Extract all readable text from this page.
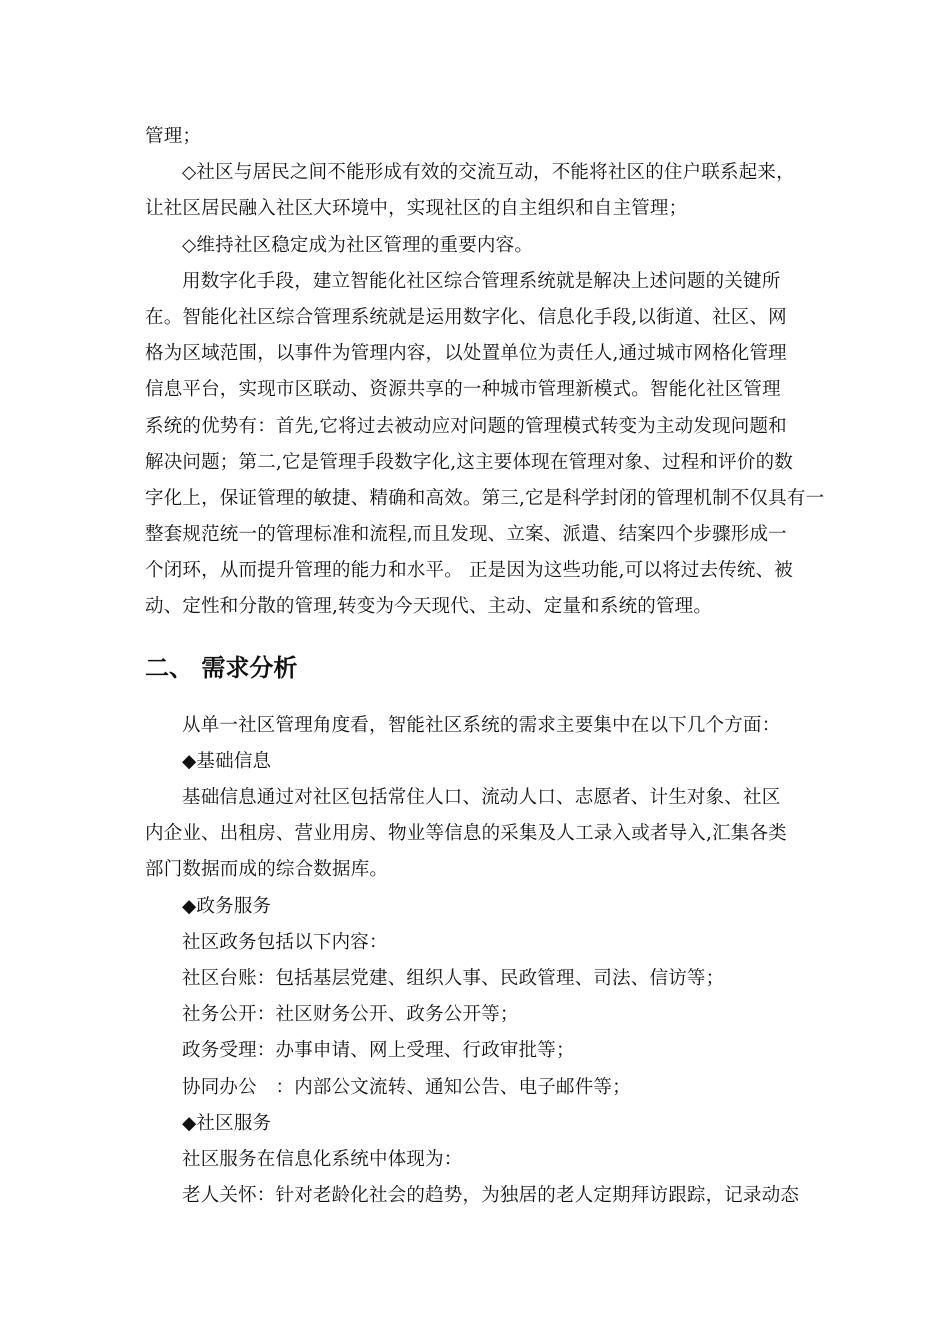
管理；
◇社区与居民之间不能形成有效的交流互动，不能将社区的住户联系起来，
让社区居民融入社区大环境中，实现社区的自主组织和自主管理；
◇维持社区稳定成为社区管理的重要内容。
用数字化手段，建立智能化社区综合管理系统就是解决上述问题的关键所
在。智能化社区综合管理系统就是运用数字化、信息化手段,以街道、社区、网
格为区域范围，以事件为管理内容，以处置单位为责任人,通过城市网格化管理
信息平台，实现市区联动、资源共享的一种城市管理新模式。智能化社区管理
系统的优势有：首先,它将过去被动应对问题的管理模式转变为主动发现问题和
解决问题；第二,它是管理手段数字化,这主要体现在管理对象、过程和评价的数
字化上，保证管理的敏捷、精确和高效。第三,它是科学封闭的管理机制不仅具有一
整套规范统一的管理标准和流程,而且发现、立案、派遣、结案四个步骤形成一
个闭环，从而提升管理的能力和水平。 正是因为这些功能,可以将过去传统、被
动、定性和分散的管理,转变为今天现代、主动、定量和系统的管理。
二、 需求分析
从单一社区管理角度看，智能社区系统的需求主要集中在以下几个方面：
◆基础信息
基础信息通过对社区包括常住人口、流动人口、志愿者、计生对象、社区
内企业、出租房、营业用房、物业等信息的采集及人工录入或者导入,汇集各类
部门数据而成的综合数据库。
◆政务服务
社区政务包括以下内容：
社区台账：包括基层党建、组织人事、民政管理、司法、信访等；
社务公开：社区财务公开、政务公开等；
政务受理：办事申请、网上受理、行政审批等；
协同办公　：内部公文流转、通知公告、电子邮件等；
◆社区服务
社区服务在信息化系统中体现为：
老人关怀：针对老龄化社会的趋势，为独居的老人定期拜访跟踪，记录动态
